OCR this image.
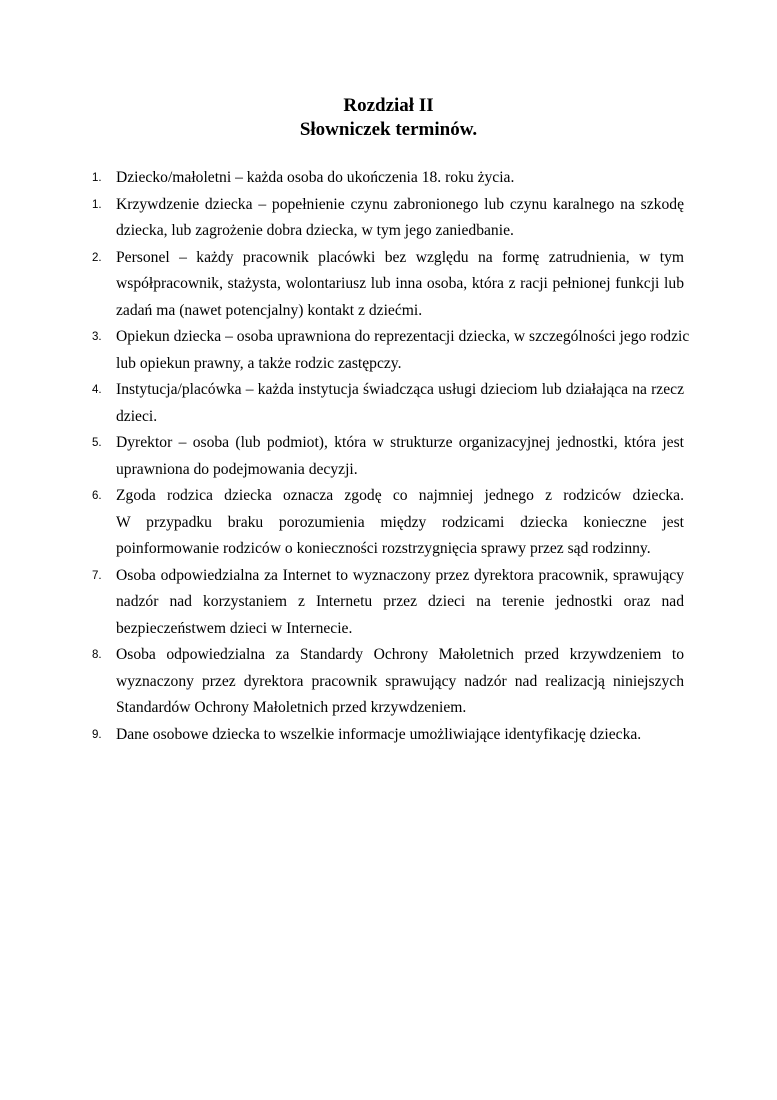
Rozdział II
Słowniczek terminów.
1. Dziecko/małoletni – każda osoba do ukończenia 18. roku życia.
1. Krzywdzenie dziecka – popełnienie czynu zabronionego lub czynu karalnego na szkodę
dziecka, lub zagrożenie dobra dziecka, w tym jego zaniedbanie.
2. Personel – każdy pracownik placówki bez względu na formę zatrudnienia, w tym
współpracownik, stażysta, wolontariusz lub inna osoba, która z racji pełnionej funkcji lub
zadań ma (nawet potencjalny) kontakt z dziećmi.
3. Opiekun dziecka – osoba uprawniona do reprezentacji dziecka, w szczególności jego rodzic
lub opiekun prawny, a także rodzic zastępczy.
4. Instytucja/placówka – każda instytucja świadcząca usługi dzieciom lub działająca na rzecz
dzieci.
5. Dyrektor – osoba (lub podmiot), która w strukturze organizacyjnej jednostki, która jest
uprawniona do podejmowania decyzji.
6. Zgoda rodzica dziecka oznacza zgodę co najmniej jednego z rodziców dziecka.
W przypadku braku porozumienia między rodzicami dziecka konieczne jest
poinformowanie rodziców o konieczności rozstrzygnięcia sprawy przez sąd rodzinny.
7. Osoba odpowiedzialna za Internet to wyznaczony przez dyrektora pracownik, sprawujący
nadzór nad korzystaniem z Internetu przez dzieci na terenie jednostki oraz nad
bezpieczeństwem dzieci w Internecie.
8. Osoba odpowiedzialna za Standardy Ochrony Małoletnich przed krzywdzeniem to
wyznaczony przez dyrektora pracownik sprawujący nadzór nad realizacją niniejszych
Standardów Ochrony Małoletnich przed krzywdzeniem.
9. Dane osobowe dziecka to wszelkie informacje umożliwiające identyfikację dziecka.
